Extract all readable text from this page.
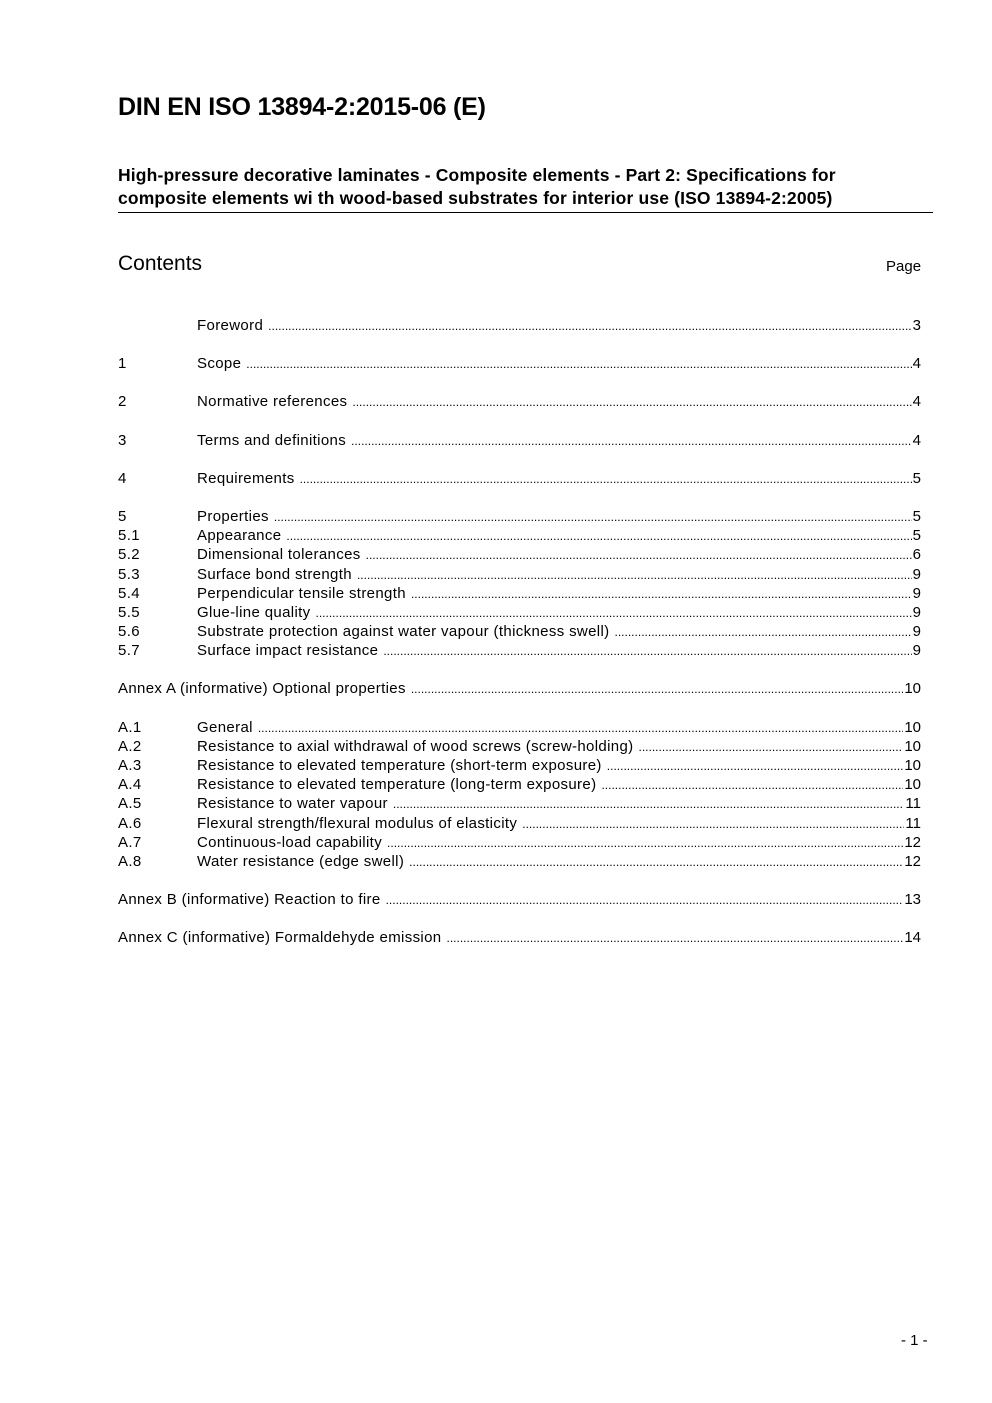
DIN EN ISO 13894-2:2015-06 (E)
High-pressure decorative laminates - Composite elements - Part 2: Specifications for
composite elements wi th wood-based substrates for interior use (ISO 13894-2:2005)
Contents	Page
Foreword .....	3
1	Scope .....	4
2	Normative references .....	4
3	Terms and definitions .....	4
4	Requirements .....	5
5	Properties .....	5
5.1	Appearance .....	5
5.2	Dimensional tolerances .....	6
5.3	Surface bond strength .....	9
5.4	Perpendicular tensile strength .....	9
5.5	Glue-line quality .....	9
5.6	Substrate protection against water vapour (thickness swell) .....	9
5.7	Surface impact resistance .....	9
Annex A (informative) Optional properties .....	10
A.1	General .....	10
A.2	Resistance to axial withdrawal of wood screws (screw-holding) .....	10
A.3	Resistance to elevated temperature (short-term exposure) .....	10
A.4	Resistance to elevated temperature (long-term exposure) .....	10
A.5	Resistance to water vapour .....	11
A.6	Flexural strength/flexural modulus of elasticity .....	11
A.7	Continuous-load capability .....	12
A.8	Water resistance (edge swell) .....	12
Annex B (informative) Reaction to fire .....	13
Annex C (informative) Formaldehyde emission .....	14
- 1 -
